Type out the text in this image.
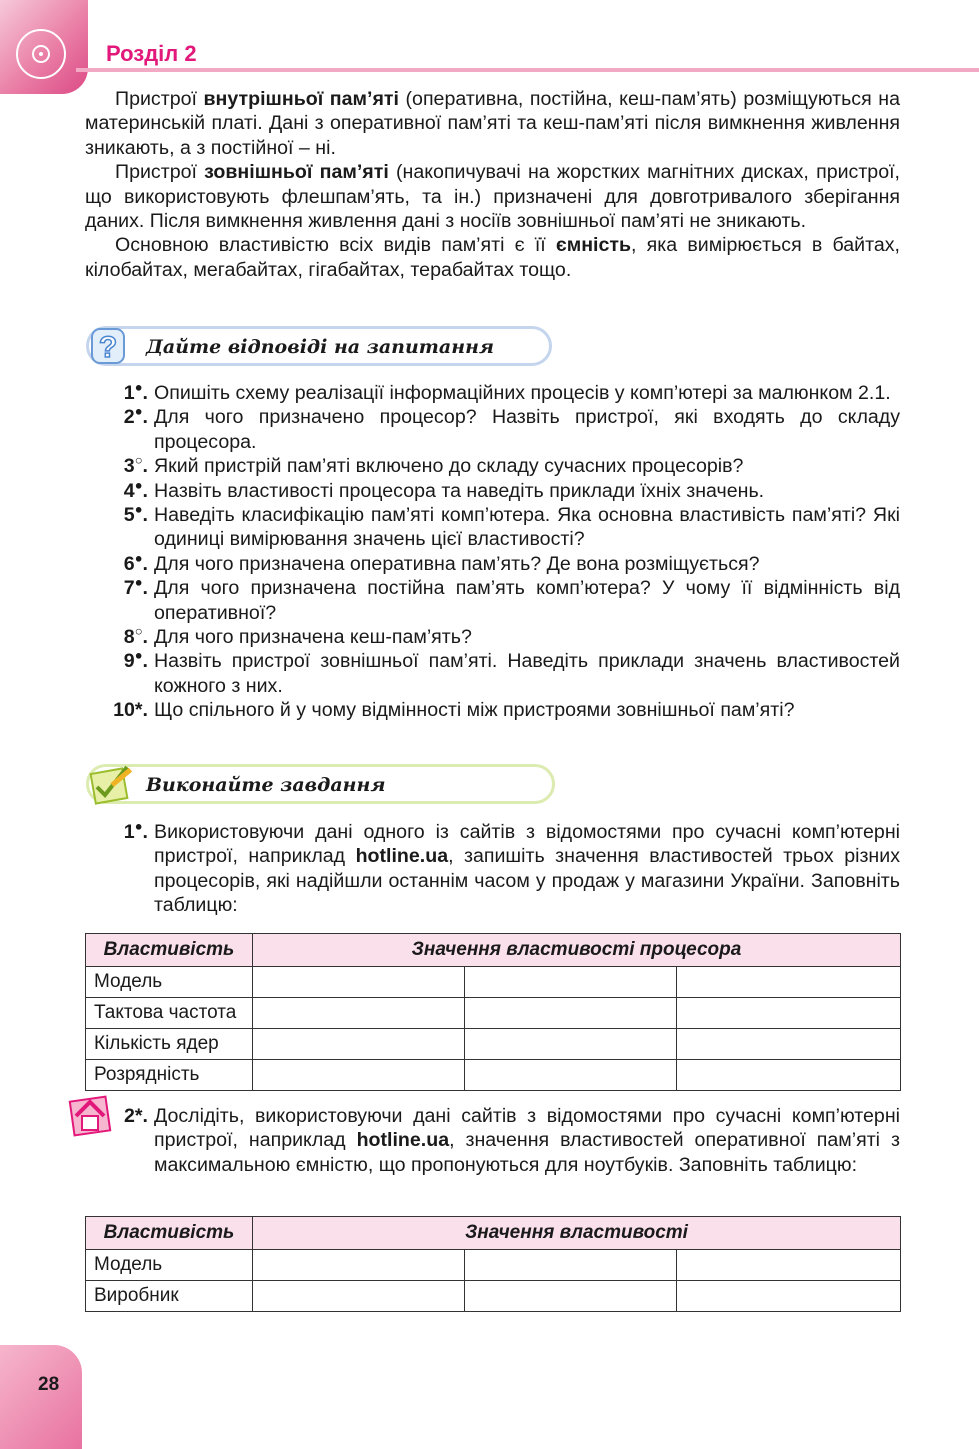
Розділ 2

Пристрої внутрішньої пам’яті (оперативна, постійна, кеш-пам’ять) розміщуються на материнській платі. Дані з оперативної пам’яті та кеш-пам’яті після вимкнення живлення зникають, а з постійної – ні.

Пристрої зовнішньої пам’яті (накопичувачі на жорстких магнітних дисках, пристрої, що використовують флешпам’ять, та ін.) призначені для довготривалого зберігання даних. Після вимкнення живлення дані з носіїв зовнішньої пам’яті не зникають.

Основною властивістю всіх видів пам’яті є її ємність, яка вимірюється в байтах, кілобайтах, мегабайтах, гігабайтах, терабайтах тощо.

? Дайте відповіді на запитання
1●. Опишіть схему реалізації інформаційних процесів у комп’ютері за малюнком 2.1.
2●. Для чого призначено процесор? Назвіть пристрої, які входять до складу процесора.
3○. Який пристрій пам’яті включено до складу сучасних процесорів?
4●. Назвіть властивості процесора та наведіть приклади їхніх значень.
5●. Наведіть класифікацію пам’яті комп’ютера. Яка основна властивість пам’яті? Які одиниці вимірювання значень цієї властивості?
6●. Для чого призначена оперативна пам’ять? Де вона розміщується?
7●. Для чого призначена постійна пам’ять комп’ютера? У чому її відмінність від оперативної?
8○. Для чого призначена кеш-пам’ять?
9●. Назвіть пристрої зовнішньої пам’яті. Наведіть приклади значень властивостей кожного з них.
10*. Що спільного й у чому відмінності між пристроями зовнішньої пам’яті?
Виконайте завдання
1●. Використовуючи дані одного із сайтів з відомостями про сучасні комп’ютерні пристрої, наприклад hotline.ua, запишіть значення властивостей трьох різних процесорів, які надійшли останнім часом у продаж у магазини України. Заповніть таблицю:
Властивість	Значення властивості процесора		
Модель			
Тактова частота			
Кількість ядер			
Розрядність			
2*. Дослідіть, використовуючи дані сайтів з відомостями про сучасні комп’ютерні пристрої, наприклад hotline.ua, значення властивостей оперативної пам’яті з максимальною ємністю, що пропонуються для ноутбуків. Заповніть таблицю:
Властивість	Значення властивості		
Модель			
Виробник			
28
